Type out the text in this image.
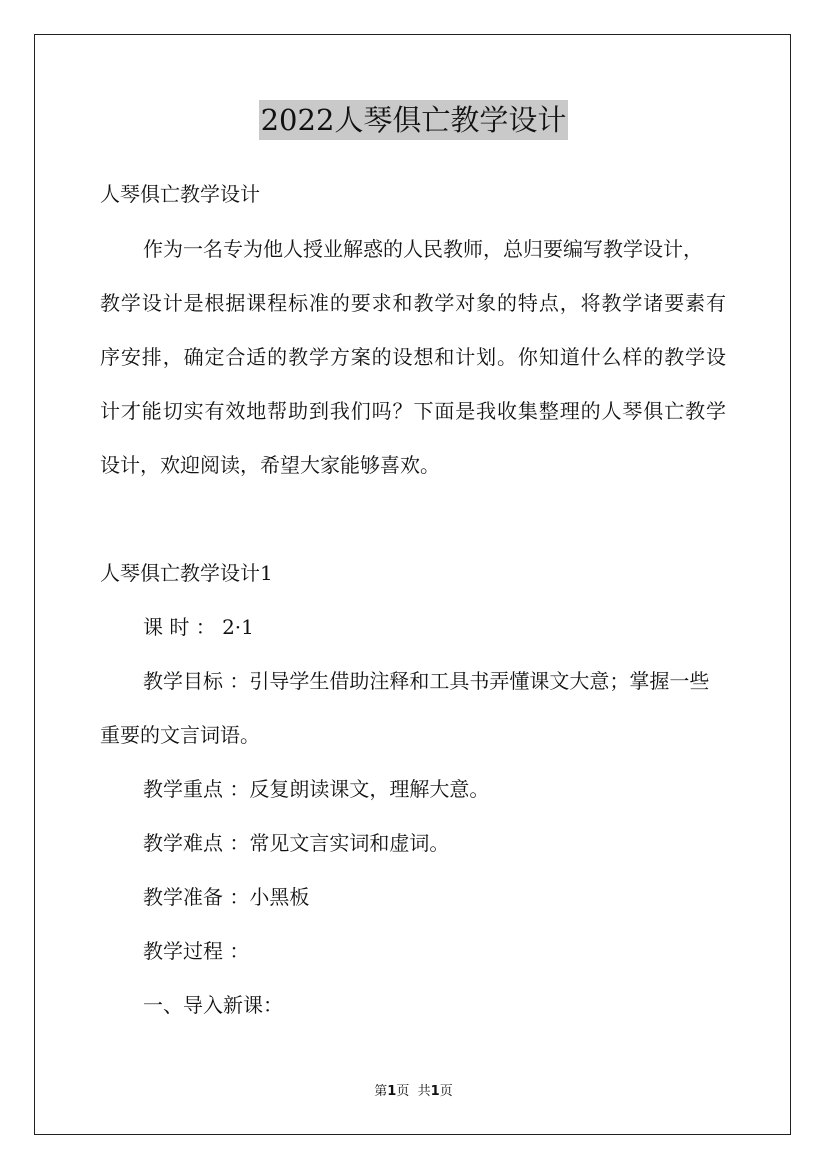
2022人琴俱亡教学设计
人琴俱亡教学设计
作为一名专为他人授业解惑的人民教师，总归要编写教学设计，
教学设计是根据课程标准的要求和教学对象的特点，将教学诸要素有
序安排，确定合适的教学方案的设想和计划。你知道什么样的教学设
计才能切实有效地帮助到我们吗？下面是我收集整理的人琴俱亡教学
设计，欢迎阅读，希望大家能够喜欢。
人琴俱亡教学设计1
课 时 ： 2·1
教学目标 ：引导学生借助注释和工具书弄懂课文大意；掌握一些
重要的文言词语。
教学重点 ：反复朗读课文，理解大意。
教学难点 ：常见文言实词和虚词。
教学准备 ：小黑板
教学过程 ：
一、导入新课：
第1页 共1页
